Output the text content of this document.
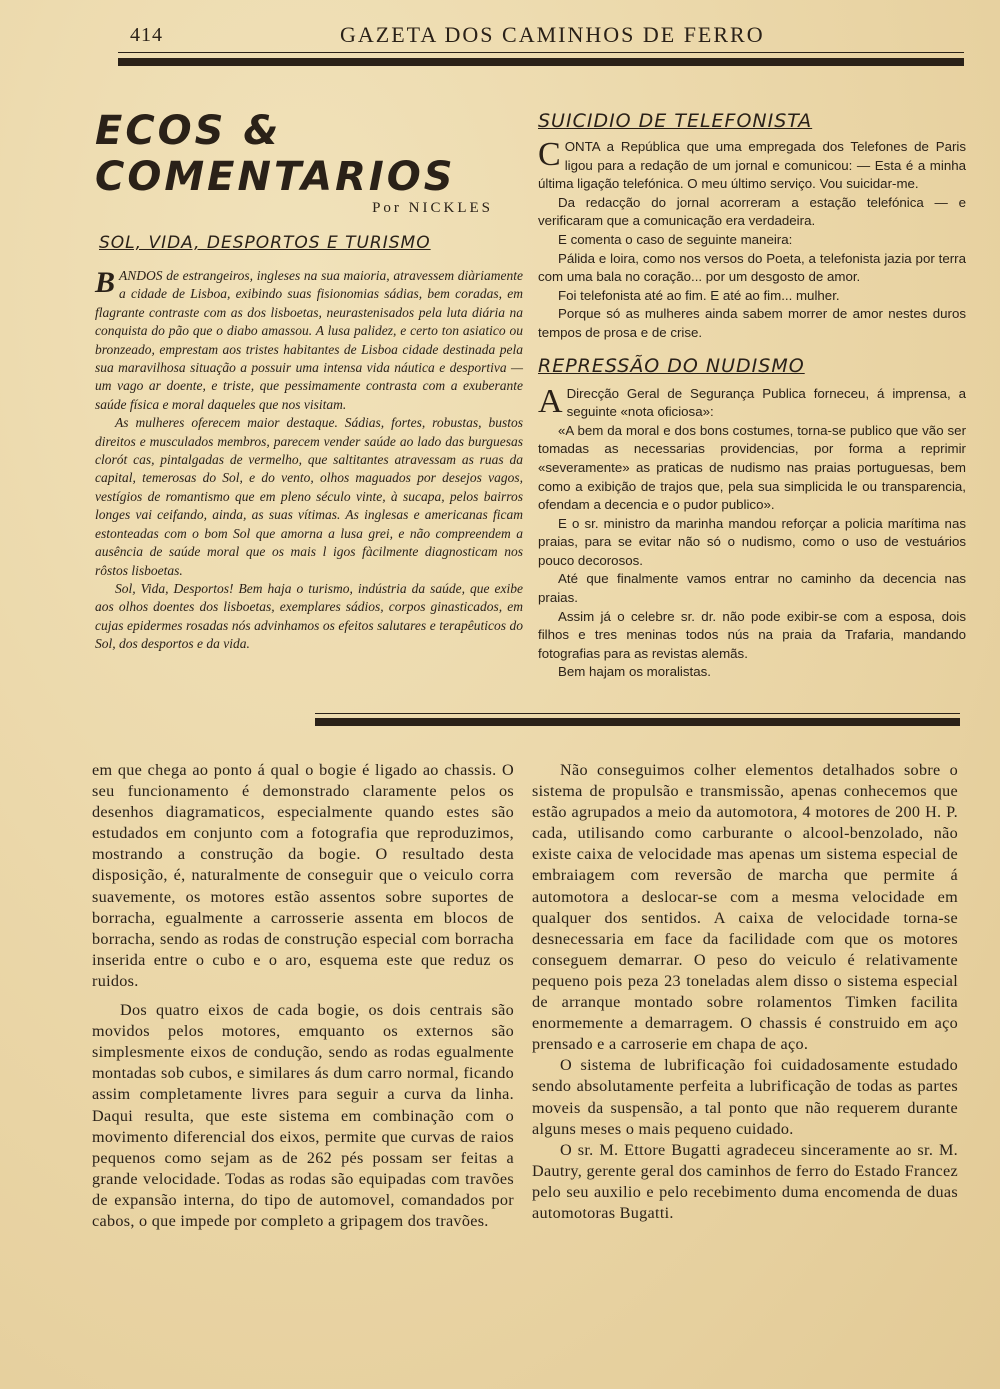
414	GAZETA DOS CAMINHOS DE FERRO
ECOS & COMENTARIOS
Por NICKLES
SOL, VIDA, DESPORTOS E TURISMO

BANDOS de estrangeiros, ingleses na sua maioria, atravessem diàriamente a cidade de Lisboa, exibindo suas fisionomias sádias, bem coradas, em flagrante contraste com as dos lisboetas, neurastenisados pela luta diária na conquista do pão que o diabo amassou. A lusa palidez, e certo ton asiatico ou bronzeado, emprestam aos tristes habitantes de Lisboa cidade destinada pela sua maravilhosa situação a possuir uma intensa vida náutica e desportiva — um vago ar doente, e triste, que pessimamente contrasta com a exuberante saúde física e moral daqueles que nos visitam.

As mulheres oferecem maior destaque. Sádias, fortes, robustas, bustos direitos e musculados membros, parecem vender saúde ao lado das burguesas clorót cas, pintalgadas de vermelho, que saltitantes atravessam as ruas da capital, temerosas do Sol, e do vento, olhos maguados por desejos vagos, vestígios de romantismo que em pleno século vinte, à sucapa, pelos bairros longes vai ceifando, ainda, as suas vítimas. As inglesas e americanas ficam estonteadas com o bom Sol que amorna a lusa grei, e não compreendem a ausência de saúde moral que os mais l igos fàcilmente diagnosticam nos rôstos lisboetas.

Sol, Vida, Desportos! Bem haja o turismo, indústria da saúde, que exibe aos olhos doentes dos lisboetas, exemplares sádios, corpos ginasticados, em cujas epidermes rosadas nós advinhamos os efeitos salutares e terapêuticos do Sol, dos desportos e da vida.

SUICIDIO DE TELEFONISTA

CONTA a República que uma empregada dos Telefones de Paris ligou para a redação de um jornal e comunicou: — Esta é a minha última ligação telefónica. O meu último serviço. Vou suicidar-me.

Da redacção do jornal acorreram a estação telefónica — e verificaram que a comunicação era verdadeira.

E comenta o caso de seguinte maneira:

Pálida e loira, como nos versos do Poeta, a telefonista jazia por terra com uma bala no coração... por um desgosto de amor.

Foi telefonista até ao fim. E até ao fim... mulher.

Porque só as mulheres ainda sabem morrer de amor nestes duros tempos de prosa e de crise.

REPRESSÃO DO NUDISMO

A Direcção Geral de Segurança Publica forneceu, á imprensa, a seguinte «nota oficiosa»:

«A bem da moral e dos bons costumes, torna-se publico que vão ser tomadas as necessarias providencias, por forma a reprimir «severamente» as praticas de nudismo nas praias portuguesas, bem como a exibição de trajos que, pela sua simplicida le ou transparencia, ofendam a decencia e o pudor publico».

E o sr. ministro da marinha mandou reforçar a policia marítima nas praias, para se evitar não só o nudismo, como o uso de vestuários pouco decorosos.

Até que finalmente vamos entrar no caminho da decencia nas praias.

Assim já o celebre sr. dr. não pode exibir-se com a esposa, dois filhos e tres meninas todos nús na praia da Trafaria, mandando fotografias para as revistas alemãs.

Bem hajam os moralistas.

em que chega ao ponto á qual o bogie é ligado ao chassis. O seu funcionamento é demonstrado claramente pelos os desenhos diagramaticos, especialmente quando estes são estudados em conjunto com a fotografia que reproduzimos, mostrando a construção da bogie. O resultado desta disposição, é, naturalmente de conseguir que o veiculo corra suavemente, os motores estão assentos sobre suportes de borracha, egualmente a carrosserie assenta em blocos de borracha, sendo as rodas de construção especial com borracha inserida entre o cubo e o aro, esquema este que reduz os ruidos.

Dos quatro eixos de cada bogie, os dois centrais são movidos pelos motores, emquanto os externos são simplesmente eixos de condução, sendo as rodas egualmente montadas sob cubos, e similares ás dum carro normal, ficando assim completamente livres para seguir a curva da linha. Daqui resulta, que este sistema em combinação com o movimento diferencial dos eixos, permite que curvas de raios pequenos como sejam as de 262 pés possam ser feitas a grande velocidade. Todas as rodas são equipadas com travões de expansão interna, do tipo de automovel, comandados por cabos, o que impede por completo a gripagem dos travões.

Não conseguimos colher elementos detalhados sobre o sistema de propulsão e transmissão, apenas conhecemos que estão agrupados a meio da automotora, 4 motores de 200 H. P. cada, utilisando como carburante o alcool-benzolado, não existe caixa de velocidade mas apenas um sistema especial de embraiagem com reversão de marcha que permite á automotora a deslocar-se com a mesma velocidade em qualquer dos sentidos. A caixa de velocidade torna-se desnecessaria em face da facilidade com que os motores conseguem demarrar. O peso do veiculo é relativamente pequeno pois peza 23 toneladas alem disso o sistema especial de arranque montado sobre rolamentos Timken facilita enormemente a demarragem. O chassis é construido em aço prensado e a carroserie em chapa de aço.

O sistema de lubrificação foi cuidadosamente estudado sendo absolutamente perfeita a lubrificação de todas as partes moveis da suspensão, a tal ponto que não requerem durante alguns meses o mais pequeno cuidado.

O sr. M. Ettore Bugatti agradeceu sinceramente ao sr. M. Dautry, gerente geral dos caminhos de ferro do Estado Francez pelo seu auxilio e pelo recebimento duma encomenda de duas automotoras Bugatti.
